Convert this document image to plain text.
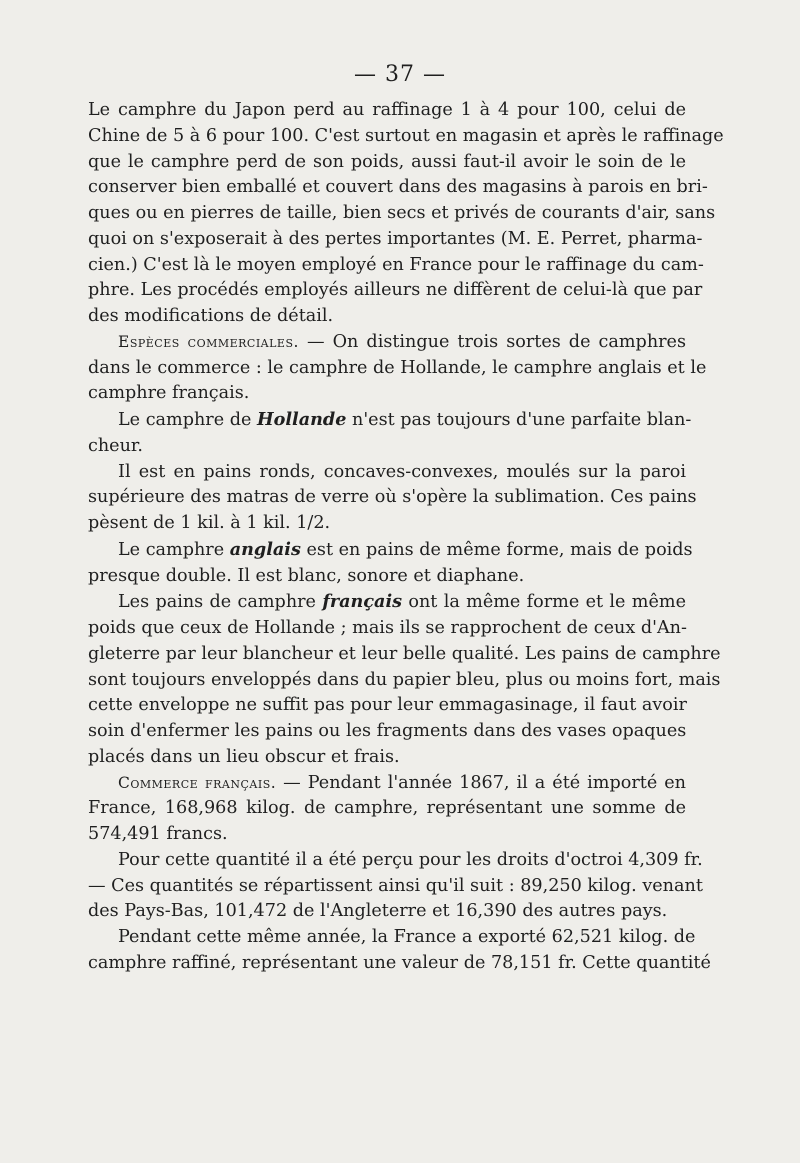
— 37 —
Le camphre du Japon perd au raffinage 1 à 4 pour 100, celui de
Chine de 5 à 6 pour 100. C'est surtout en magasin et après le raffinage
que le camphre perd de son poids, aussi faut-il avoir le soin de le
conserver bien emballé et couvert dans des magasins à parois en bri-
ques ou en pierres de taille, bien secs et privés de courants d'air, sans
quoi on s'exposerait à des pertes importantes (M. E. Perret, pharma-
cien.) C'est là le moyen employé en France pour le raffinage du cam-
phre. Les procédés employés ailleurs ne diffèrent de celui-là que par
des modifications de détail.
Espèces commerciales. — On distingue trois sortes de camphres
dans le commerce : le camphre de Hollande, le camphre anglais et le
camphre français.
Le camphre de Hollande n'est pas toujours d'une parfaite blan-
cheur.
Il est en pains ronds, concaves-convexes, moulés sur la paroi
supérieure des matras de verre où s'opère la sublimation. Ces pains
pèsent de 1 kil. à 1 kil. 1/2.
Le camphre anglais est en pains de même forme, mais de poids
presque double. Il est blanc, sonore et diaphane.
Les pains de camphre français ont la même forme et le même
poids que ceux de Hollande ; mais ils se rapprochent de ceux d'An-
gleterre par leur blancheur et leur belle qualité. Les pains de camphre
sont toujours enveloppés dans du papier bleu, plus ou moins fort, mais
cette enveloppe ne suffit pas pour leur emmagasinage, il faut avoir
soin d'enfermer les pains ou les fragments dans des vases opaques
placés dans un lieu obscur et frais.
Commerce français. — Pendant l'année 1867, il a été importé en
France, 168,968 kilog. de camphre, représentant une somme de
574,491 francs.
Pour cette quantité il a été perçu pour les droits d'octroi 4,309 fr.
— Ces quantités se répartissent ainsi qu'il suit : 89,250 kilog. venant
des Pays-Bas, 101,472 de l'Angleterre et 16,390 des autres pays.
Pendant cette même année, la France a exporté 62,521 kilog. de
camphre raffiné, représentant une valeur de 78,151 fr. Cette quantité
